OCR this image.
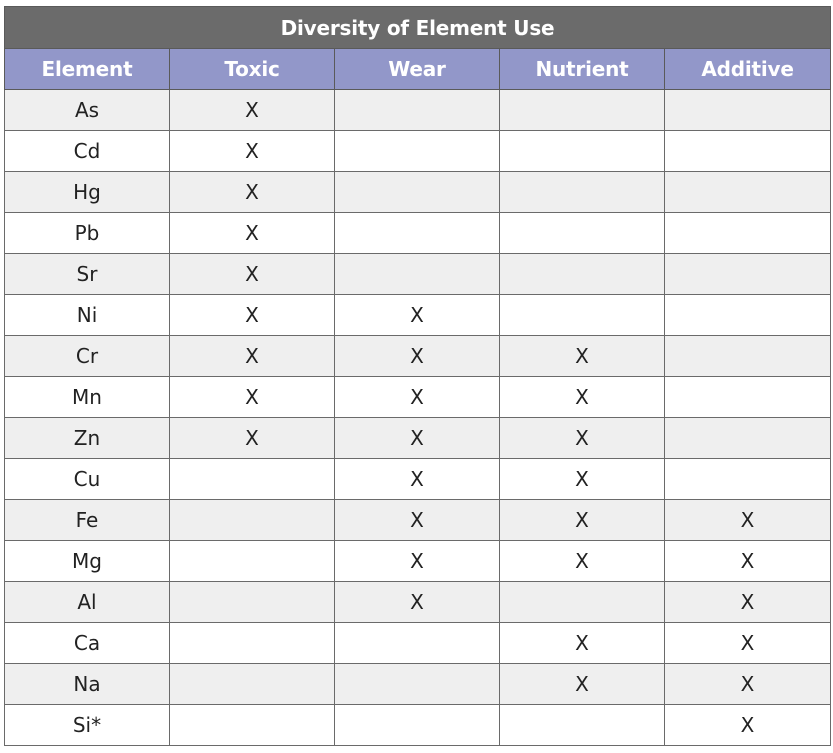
Diversity of Element Use				
Element	Toxic	Wear	Nutrient	Additive
As	X			
Cd	X			
Hg	X			
Pb	X			
Sr	X			
Ni	X	X		
Cr	X	X	X	
Mn	X	X	X	
Zn	X	X	X	
Cu		X	X	
Fe		X	X	X
Mg		X	X	X
Al		X		X
Ca			X	X
Na			X	X
Si*				X
